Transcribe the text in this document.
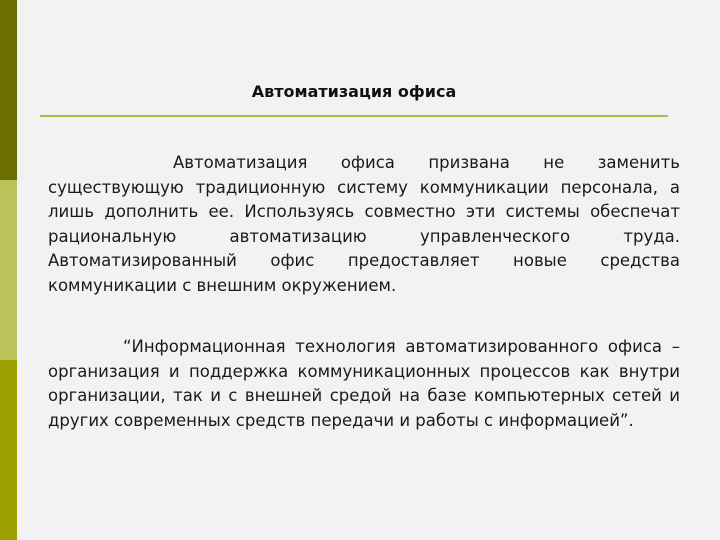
Автоматизация офиса

Автоматизация офиса призвана не заменить существующую традиционную систему коммуникации персонала, а лишь дополнить ее. Используясь совместно эти системы обеспечат рациональную автоматизацию управленческого труда. Автоматизированный офис предоставляет новые средства коммуникации с внешним окружением.

“Информационная технология автоматизированного офиса – организация и поддержка коммуникационных процессов как внутри организации, так и с внешней средой на базе компьютерных сетей и других современных средств передачи и работы с информацией”.
